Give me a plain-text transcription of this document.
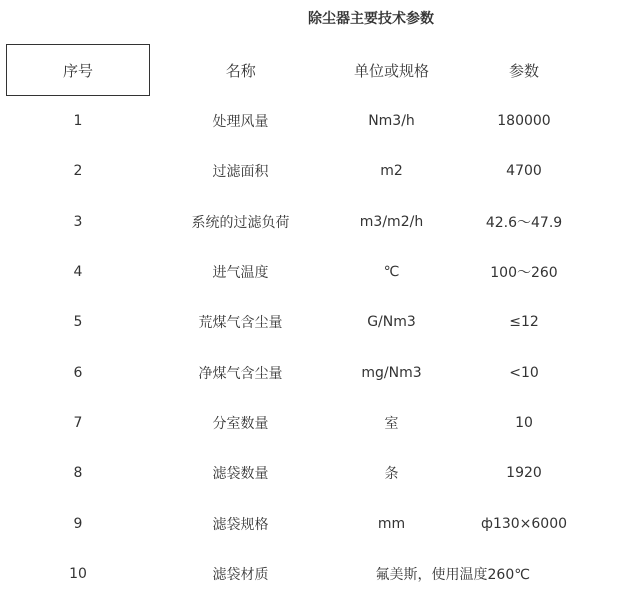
除尘器主要技术参数
序号	名称	单位或规格	参数
1	处理风量	Nm3/h	180000
2	过滤面积	m2	4700
3	系统的过滤负荷	m3/m2/h	42.6～47.9
4	进气温度	℃	100～260
5	荒煤气含尘量	G/Nm3	≤12
6	净煤气含尘量	mg/Nm3	<10
7	分室数量	室	10
8	滤袋数量	条	1920
9	滤袋规格	mm	ф130×6000
10	滤袋材质	氟美斯，使用温度260℃	
